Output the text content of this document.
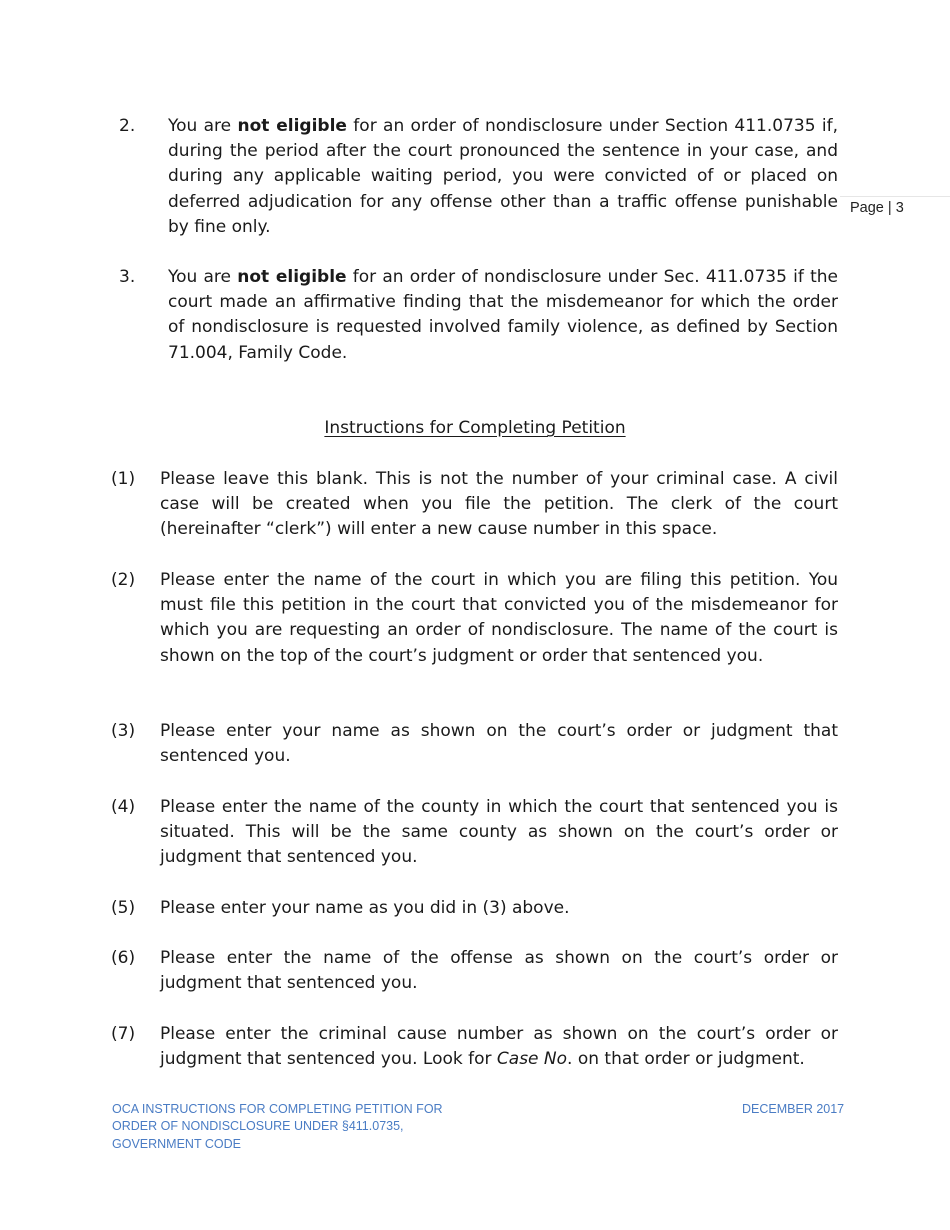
Page | 3
2.	You are not eligible for an order of nondisclosure under Section 411.0735 if, during the period after the court pronounced the sentence in your case, and during any applicable waiting period, you were convicted of or placed on deferred adjudication for any offense other than a traffic offense punishable by fine only.
3.	You are not eligible for an order of nondisclosure under Sec. 411.0735 if the court made an affirmative finding that the misdemeanor for which the order of nondisclosure is requested involved family violence, as defined by Section 71.004, Family Code.
Instructions for Completing Petition
(1)	Please leave this blank. This is not the number of your criminal case. A civil case will be created when you file the petition. The clerk of the court (hereinafter “clerk”) will enter a new cause number in this space.
(2)	Please enter the name of the court in which you are filing this petition. You must file this petition in the court that convicted you of the misdemeanor for which you are requesting an order of nondisclosure. The name of the court is shown on the top of the court’s judgment or order that sentenced you.
(3)	Please enter your name as shown on the court’s order or judgment that sentenced you.
(4)	Please enter the name of the county in which the court that sentenced you is situated. This will be the same county as shown on the court’s order or judgment that sentenced you.
(5)	Please enter your name as you did in (3) above.
(6)	Please enter the name of the offense as shown on the court’s order or judgment that sentenced you.
(7)	Please enter the criminal cause number as shown on the court’s order or judgment that sentenced you. Look for Case No. on that order or judgment.
OCA INSTRUCTIONS FOR COMPLETING PETITION FOR ORDER OF NONDISCLOSURE UNDER §411.0735, GOVERNMENT CODE
DECEMBER 2017
